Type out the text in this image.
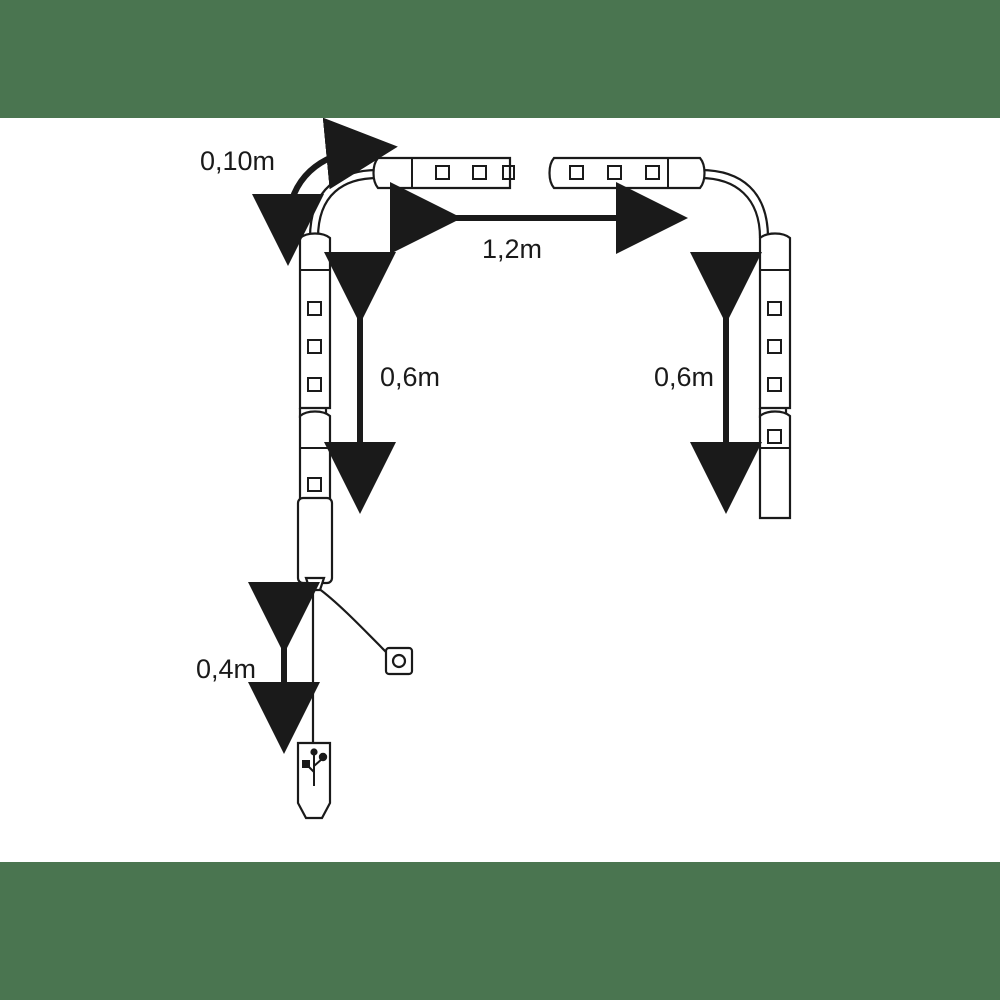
0,10m
1,2m
0,6m	0,6m
0,4m
